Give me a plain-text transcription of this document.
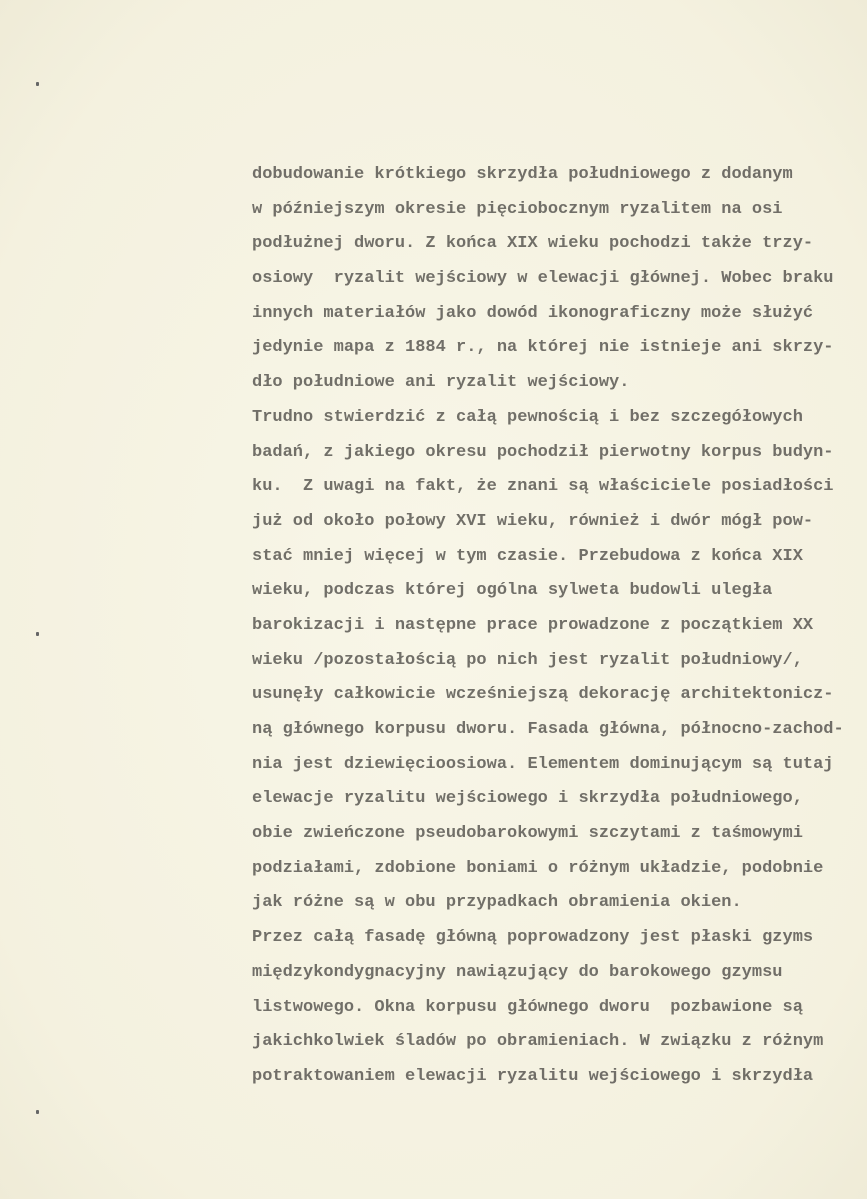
dobudowanie krótkiego skrzydła południowego z dodanym
w późniejszym okresie pięciobocznym ryzalitem na osi
podłużnej dworu. Z końca XIX wieku pochodzi także trzy-
osiowy  ryzalit wejściowy w elewacji głównej. Wobec braku
innych materiałów jako dowód ikonograficzny może służyć
jedynie mapa z 1884 r., na której nie istnieje ani skrzy-
dło południowe ani ryzalit wejściowy.
Trudno stwierdzić z całą pewnością i bez szczegółowych
badań, z jakiego okresu pochodził pierwotny korpus budyn-
ku.  Z uwagi na fakt, że znani są właściciele posiadłości
już od około połowy XVI wieku, również i dwór mógł pow-
stać mniej więcej w tym czasie. Przebudowa z końca XIX
wieku, podczas której ogólna sylweta budowli uległa
barokizacji i następne prace prowadzone z początkiem XX
wieku /pozostałością po nich jest ryzalit południowy/,
usunęły całkowicie wcześniejszą dekorację architektonicz-
ną głównego korpusu dworu. Fasada główna, północno-zachod-
nia jest dziewięcioosiowa. Elementem dominującym są tutaj
elewacje ryzalitu wejściowego i skrzydła południowego,
obie zwieńczone pseudobarokowymi szczytami z taśmowymi
podziałami, zdobione boniami o różnym układzie, podobnie
jak różne są w obu przypadkach obramienia okien.
Przez całą fasadę główną poprowadzony jest płaski gzyms
międzykondygnacyjny nawiązujący do barokowego gzymsu
listwowego. Okna korpusu głównego dworu  pozbawione są
jakichkolwiek śladów po obramieniach. W związku z różnym
potraktowaniem elewacji ryzalitu wejściowego i skrzydła
